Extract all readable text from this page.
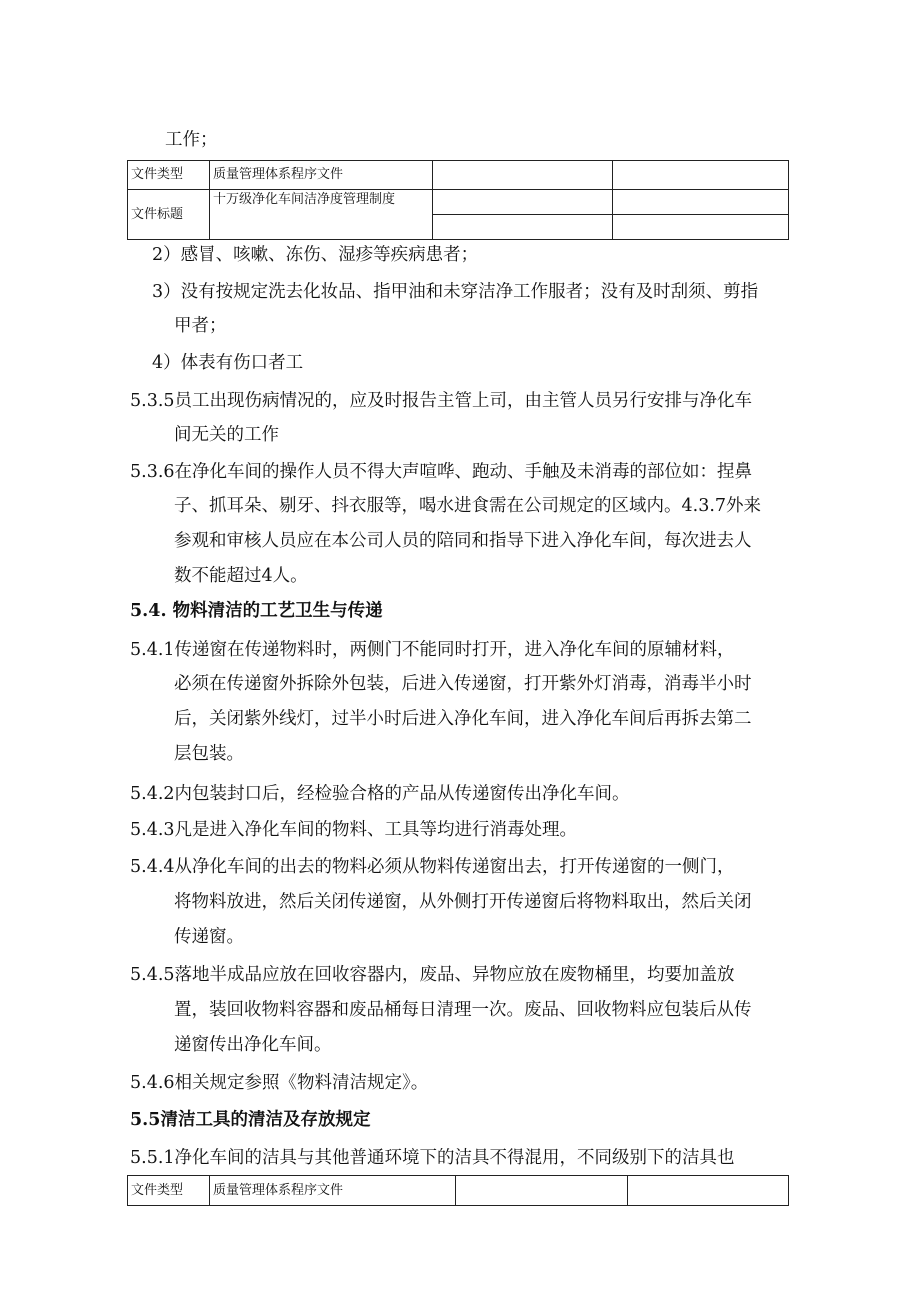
工作；
文件类型	质量管理体系程序文件		
文件标题	十万级净化车间洁净度管理制度		

2）感冒、咳嗽、冻伤、湿疹等疾病患者；
3）没有按规定洗去化妆品、指甲油和未穿洁净工作服者；没有及时刮须、剪指
甲者；
4）体表有伤口者工
5.3.5员工出现伤病情况的，应及时报告主管上司，由主管人员另行安排与净化车
间无关的工作
5.3.6在净化车间的操作人员不得大声喧哗、跑动、手触及未消毒的部位如：捏鼻
子、抓耳朵、剔牙、抖衣服等，喝水进食需在公司规定的区域内。4.3.7外来
参观和审核人员应在本公司人员的陪同和指导下进入净化车间，每次进去人
数不能超过4人。
5.4. 物料清洁的工艺卫生与传递
5.4.1传递窗在传递物料时，两侧门不能同时打开，进入净化车间的原辅材料，
必须在传递窗外拆除外包装，后进入传递窗，打开紫外灯消毒，消毒半小时
后，关闭紫外线灯，过半小时后进入净化车间，进入净化车间后再拆去第二
层包装。
5.4.2内包装封口后，经检验合格的产品从传递窗传出净化车间。
5.4.3凡是进入净化车间的物料、工具等均进行消毒处理。
5.4.4从净化车间的出去的物料必须从物料传递窗出去，打开传递窗的一侧门，
将物料放进，然后关闭传递窗，从外侧打开传递窗后将物料取出，然后关闭
传递窗。
5.4.5落地半成品应放在回收容器内，废品、异物应放在废物桶里，均要加盖放
置，装回收物料容器和废品桶每日清理一次。废品、回收物料应包装后从传
递窗传出净化车间。
5.4.6相关规定参照《物料清洁规定》。
5.5清洁工具的清洁及存放规定
5.5.1净化车间的洁具与其他普通环境下的洁具不得混用，不同级别下的洁具也
文件类型	质量管理体系程序文件		
